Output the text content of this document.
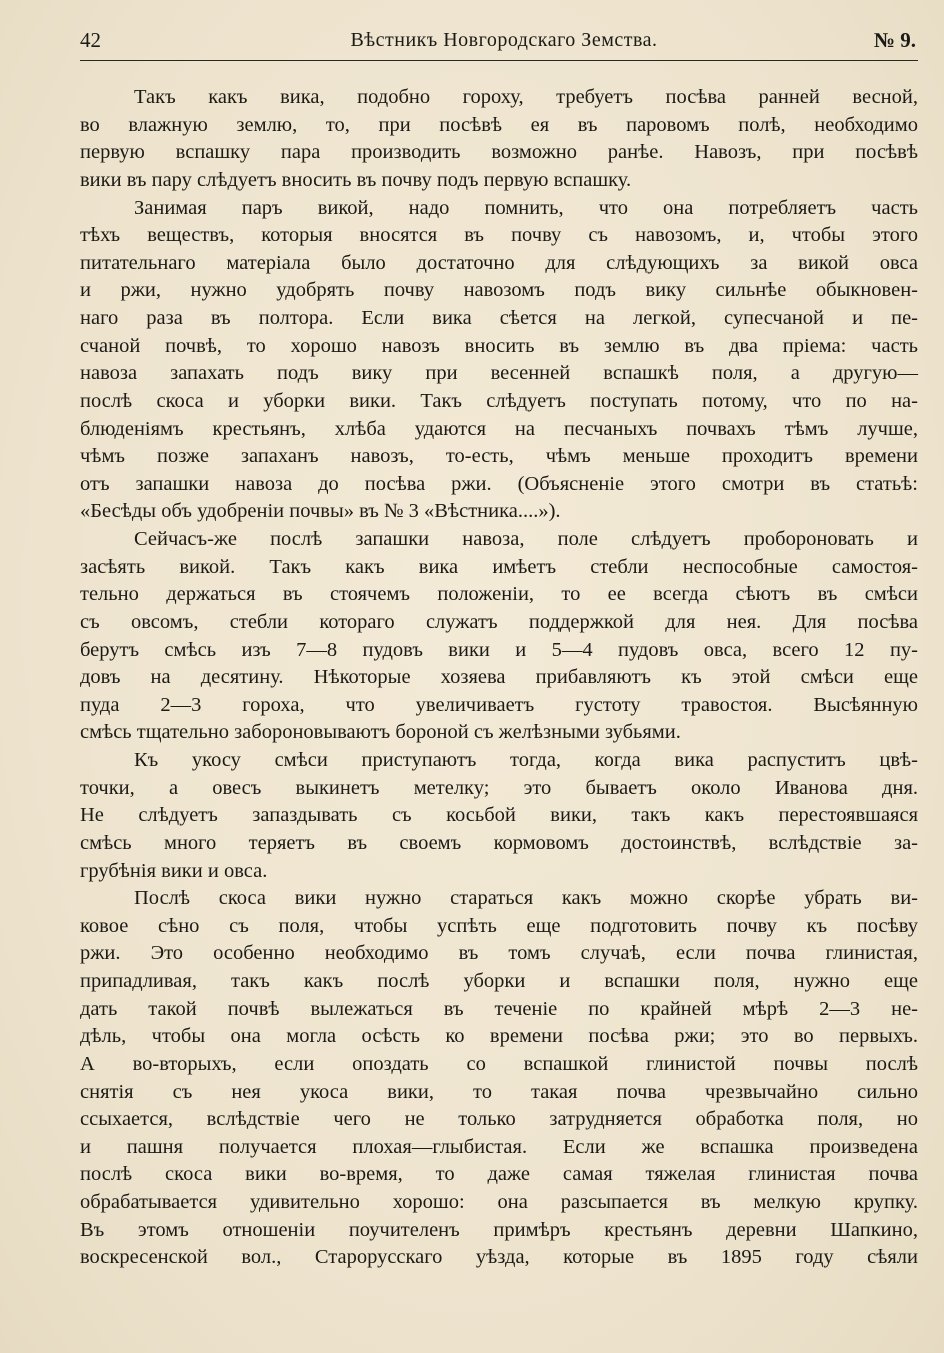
42	Вѣстникъ Новгородскаго Земства.	№ 9.
Такъ какъ вика, подобно гороху, требуетъ посѣва ранней весной,
во влажную землю, то, при посѣвѣ ея въ паровомъ полѣ, необходимо
первую вспашку пара производить возможно ранѣе. Навозъ, при посѣвѣ
вики въ пару слѣдуетъ вносить въ почву подъ первую вспашку.
Занимая паръ викой, надо помнить, что она потребляетъ часть
тѣхъ веществъ, которыя вносятся въ почву съ навозомъ, и, чтобы этого
питательнаго матеріала было достаточно для слѣдующихъ за викой овса
и ржи, нужно удобрять почву навозомъ подъ вику сильнѣе обыкновен-
наго раза въ полтора. Если вика сѣется на легкой, супесчаной и пе-
счаной почвѣ, то хорошо навозъ вносить въ землю въ два пріема: часть
навоза запахать подъ вику при весенней вспашкѣ поля, а другую—
послѣ скоса и уборки вики. Такъ слѣдуетъ поступать потому, что по на-
блюденіямъ крестьянъ, хлѣба удаются на песчаныхъ почвахъ тѣмъ лучше,
чѣмъ позже запаханъ навозъ, то-есть, чѣмъ меньше проходитъ времени
отъ запашки навоза до посѣва ржи. (Объясненіе этого смотри въ статьѣ:
«Бесѣды объ удобреніи почвы» въ № 3 «Вѣстника....»).
Сейчасъ-же послѣ запашки навоза, поле слѣдуетъ пробороновать и
засѣять викой. Такъ какъ вика имѣетъ стебли неспособные самостоя-
тельно держаться въ стоячемъ положеніи, то ее всегда сѣютъ въ смѣси
съ овсомъ, стебли котораго служатъ поддержкой для нея. Для посѣва
берутъ смѣсь изъ 7—8 пудовъ вики и 5—4 пудовъ овса, всего 12 пу-
довъ на десятину. Нѣкоторые хозяева прибавляютъ къ этой смѣси еще
пуда 2—3 гороха, что увеличиваетъ густоту травостоя. Высѣянную
смѣсь тщательно забороновываютъ бороной съ желѣзными зубьями.
Къ укосу смѣси приступаютъ тогда, когда вика распуститъ цвѣ-
точки, а овесъ выкинетъ метелку; это бываетъ около Иванова дня.
Не слѣдуетъ запаздывать съ косьбой вики, такъ какъ перестоявшаяся
смѣсь много теряетъ въ своемъ кормовомъ достоинствѣ, вслѣдствіе за-
грубѣнія вики и овса.
Послѣ скоса вики нужно стараться какъ можно скорѣе убрать ви-
ковое сѣно съ поля, чтобы успѣть еще подготовить почву къ посѣву
ржи. Это особенно необходимо въ томъ случаѣ, если почва глинистая,
припадливая, такъ какъ послѣ уборки и вспашки поля, нужно еще
дать такой почвѣ вылежаться въ теченіе по крайней мѣрѣ 2—3 не-
дѣль, чтобы она могла осѣсть ко времени посѣва ржи; это во первыхъ.
А во-вторыхъ, если опоздать со вспашкой глинистой почвы послѣ
снятія съ нея укоса вики, то такая почва чрезвычайно сильно
ссыхается, вслѣдствіе чего не только затрудняется обработка поля, но
и пашня получается плохая—глыбистая. Если же вспашка произведена
послѣ скоса вики во-время, то даже самая тяжелая глинистая почва
обрабатывается удивительно хорошо: она разсыпается въ мелкую крупку.
Въ этомъ отношеніи поучителенъ примѣръ крестьянъ деревни Шапкино,
воскресенской вол., Старорусскаго уѣзда, которые въ 1895 году сѣяли
